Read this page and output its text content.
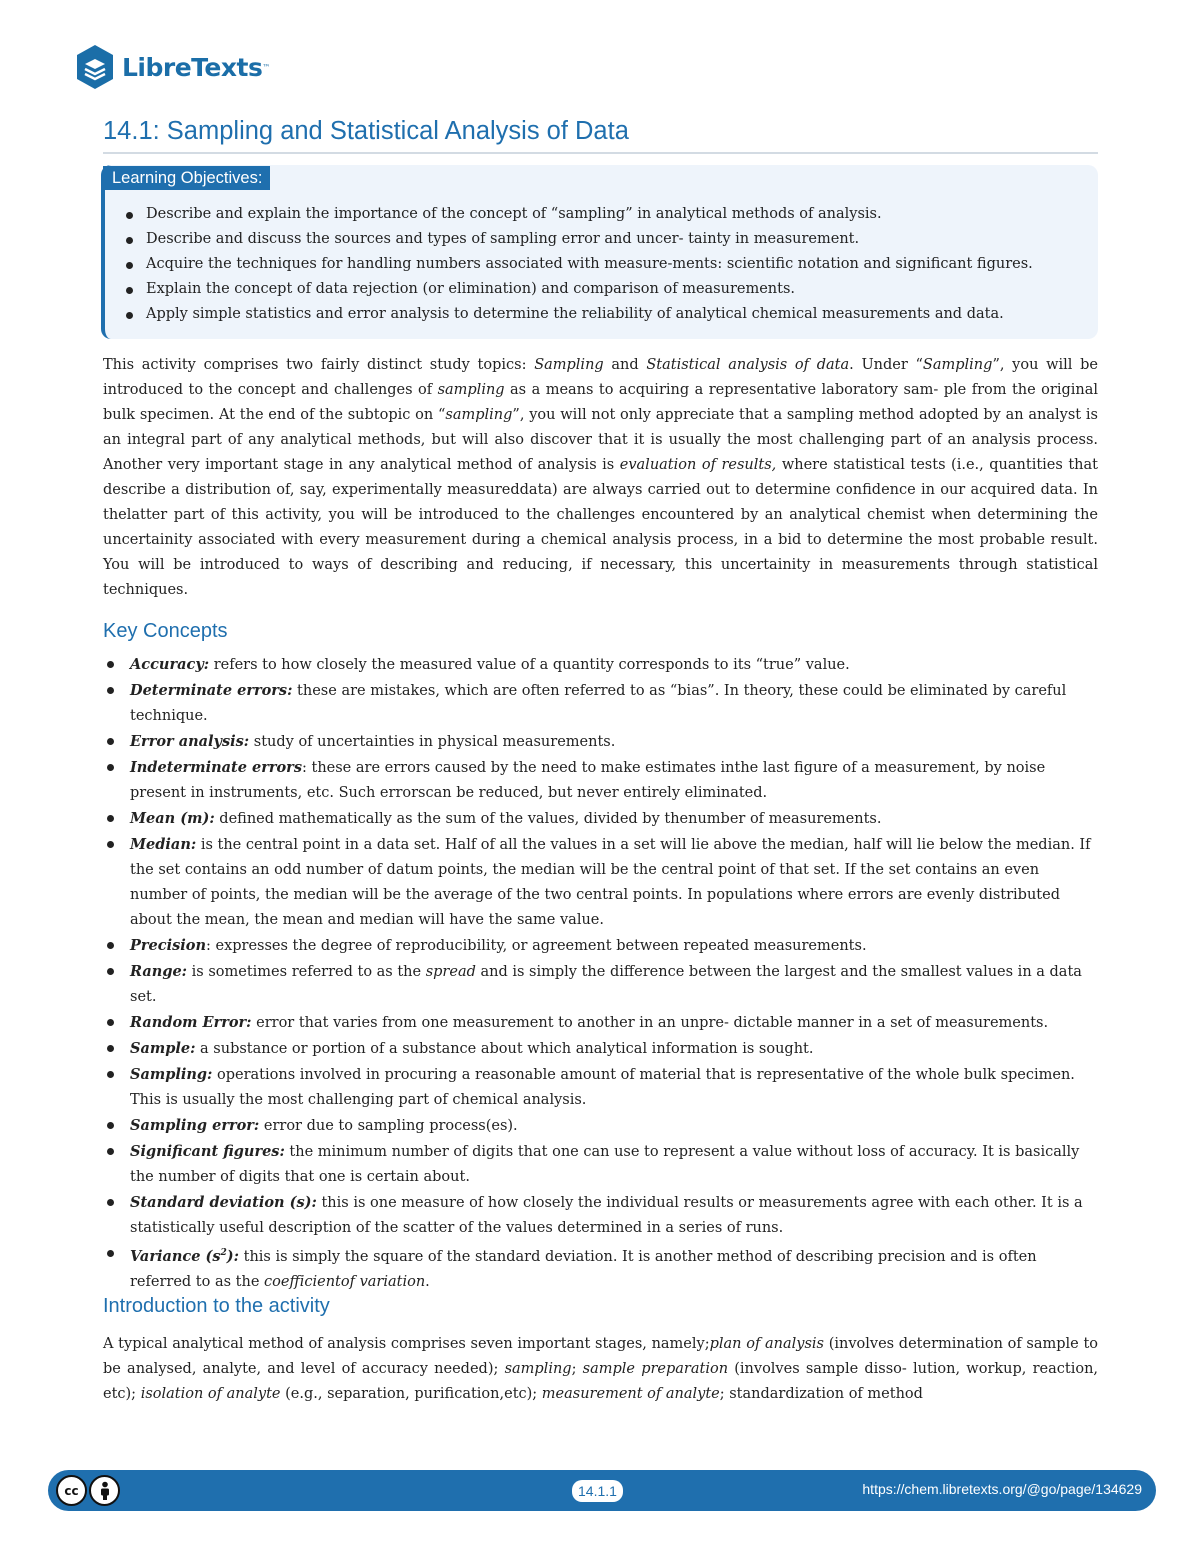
LibreTexts ™
14.1: Sampling and Statistical Analysis of Data
Learning Objectives:
Describe and explain the importance of the concept of “sampling” in analytical methods of analysis.
Describe and discuss the sources and types of sampling error and uncer- tainty in measurement.
Acquire the techniques for handling numbers associated with measure-ments: scientific notation and significant figures.
Explain the concept of data rejection (or elimination) and comparison of measurements.
Apply simple statistics and error analysis to determine the reliability of analytical chemical measurements and data.

This activity comprises two fairly distinct study topics: Sampling and Statistical analysis of data. Under “Sampling”, you will be introduced to the concept and challenges of sampling as a means to acquiring a representative laboratory sam- ple from the original bulk specimen. At the end of the subtopic on “sampling”, you will not only appreciate that a sampling method adopted by an analyst is an integral part of any analytical methods, but will also discover that it is usually the most challenging part of an analysis process. Another very important stage in any analytical method of analysis is evaluation of results, where statistical tests (i.e., quantities that describe a distribution of, say, experimentally measureddata) are always carried out to determine confidence in our acquired data. In thelatter part of this activity, you will be introduced to the challenges encountered by an analytical chemist when determining the uncertainity associated with every measurement during a chemical analysis process, in a bid to determine the most probable result. You will be introduced to ways of describing and reducing, if necessary, this uncertainity in measurements through statistical techniques.

Key Concepts
Accuracy: refers to how closely the measured value of a quantity corresponds to its “true” value.
Determinate errors: these are mistakes, which are often referred to as “bias”. In theory, these could be eliminated by careful technique.
Error analysis: study of uncertainties in physical measurements.
Indeterminate errors: these are errors caused by the need to make estimates inthe last figure of a measurement, by noise present in instruments, etc. Such errorscan be reduced, but never entirely eliminated.
Mean (m): defined mathematically as the sum of the values, divided by thenumber of measurements.
Median: is the central point in a data set. Half of all the values in a set will lie above the median, half will lie below the median. If the set contains an odd number of datum points, the median will be the central point of that set. If the set contains an even number of points, the median will be the average of the two central points. In populations where errors are evenly distributed about the mean, the mean and median will have the same value.
Precision: expresses the degree of reproducibility, or agreement between repeated measurements.
Range: is sometimes referred to as the spread and is simply the difference between the largest and the smallest values in a data set.
Random Error: error that varies from one measurement to another in an unpre- dictable manner in a set of measurements.
Sample: a substance or portion of a substance about which analytical information is sought.
Sampling: operations involved in procuring a reasonable amount of material that is representative of the whole bulk specimen. This is usually the most challenging part of chemical analysis.
Sampling error: error due to sampling process(es).
Significant figures: the minimum number of digits that one can use to represent a value without loss of accuracy. It is basically the number of digits that one is certain about.
Standard deviation (s): this is one measure of how closely the individual results or measurements agree with each other. It is a statistically useful description of the scatter of the values determined in a series of runs.
Variance $(s^2)$: this is simply the square of the standard deviation. It is another method of describing precision and is often referred to as the coefficientof variation.
Introduction to the activity

A typical analytical method of analysis comprises seven important stages, namely;plan of analysis (involves determination of sample to be analysed, analyte, and level of accuracy needed); sampling; sample preparation (involves sample disso- lution, workup, reaction, etc); isolation of analyte (e.g., separation, purification,etc); measurement of analyte; standardization of method

cc	14.1.1	https://chem.libretexts.org/@go/page/134629
